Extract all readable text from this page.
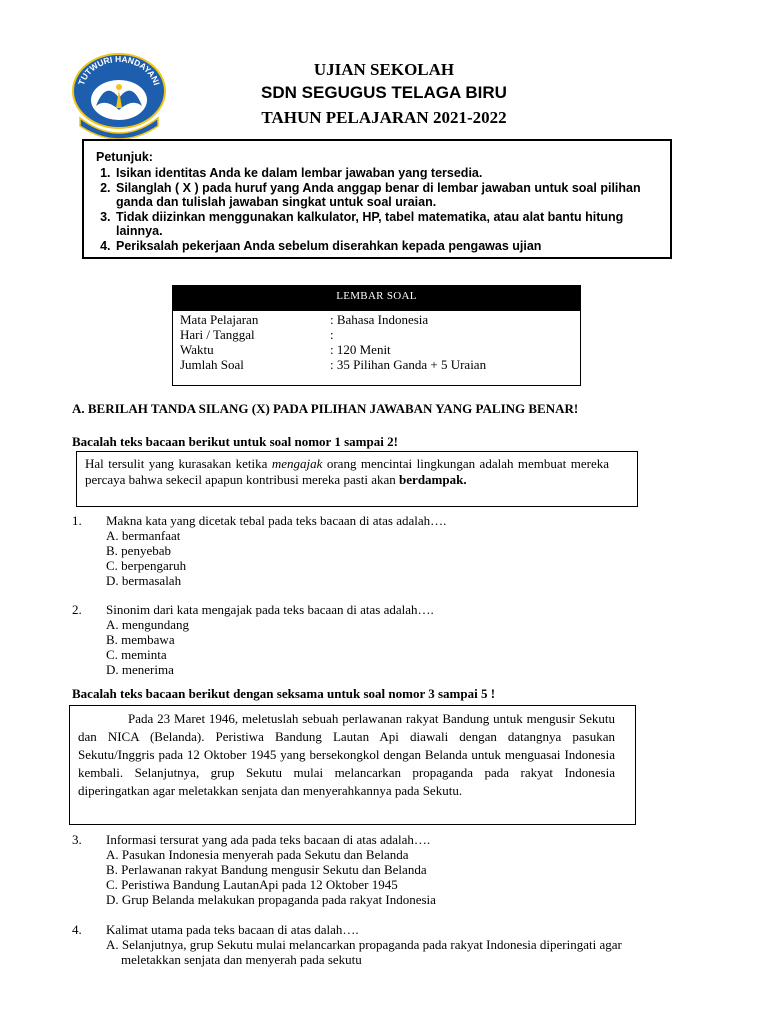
TUTWURI HANDAYANI
UJIAN SEKOLAH
SDN SEGUGUS TELAGA BIRU
TAHUN PELAJARAN 2021-2022
Petunjuk:
1. Isikan identitas Anda ke dalam lembar jawaban yang tersedia.
2. Silanglah ( X ) pada huruf yang Anda anggap benar di lembar jawaban untuk soal pilihan ganda dan tulislah jawaban singkat untuk soal uraian.
3. Tidak diizinkan menggunakan kalkulator, HP, tabel matematika, atau alat bantu hitung lainnya.
4. Periksalah pekerjaan Anda sebelum diserahkan kepada pengawas ujian
LEMBAR SOAL
Mata Pelajaran	: Bahasa Indonesia
Hari / Tanggal	:
Waktu	: 120 Menit
Jumlah Soal	: 35 Pilihan Ganda + 5 Uraian
A. BERILAH TANDA SILANG (X) PADA PILIHAN JAWABAN YANG PALING BENAR!
Bacalah teks bacaan berikut untuk soal nomor 1 sampai 2!
Hal tersulit yang kurasakan ketika mengajak orang mencintai lingkungan adalah membuat mereka percaya bahwa sekecil apapun kontribusi mereka pasti akan berdampak.
1. Makna kata yang dicetak tebal pada teks bacaan di atas adalah….
A. bermanfaat
B. penyebab
C. berpengaruh
D. bermasalah
2. Sinonim dari kata mengajak pada teks bacaan di atas adalah….
A. mengundang
B. membawa
C. meminta
D. menerima
Bacalah teks bacaan berikut dengan seksama untuk soal nomor 3 sampai 5 !
Pada 23 Maret 1946, meletuslah sebuah perlawanan rakyat Bandung untuk mengusir Sekutu dan NICA (Belanda). Peristiwa Bandung Lautan Api diawali dengan datangnya pasukan Sekutu/Inggris pada 12 Oktober 1945 yang bersekongkol dengan Belanda untuk menguasai Indonesia kembali. Selanjutnya, grup Sekutu mulai melancarkan propaganda pada rakyat Indonesia diperingatkan agar meletakkan senjata dan menyerahkannya pada Sekutu.
3. Informasi tersurat yang ada pada teks bacaan di atas adalah….
A. Pasukan Indonesia menyerah pada Sekutu dan Belanda
B. Perlawanan rakyat Bandung mengusir Sekutu dan Belanda
C. Peristiwa Bandung LautanApi pada 12 Oktober 1945
D. Grup Belanda melakukan propaganda pada rakyat Indonesia
4. Kalimat utama pada teks bacaan di atas dalah….
A. Selanjutnya, grup Sekutu mulai melancarkan propaganda pada rakyat Indonesia diperingati agar
meletakkan senjata dan menyerah pada sekutu
